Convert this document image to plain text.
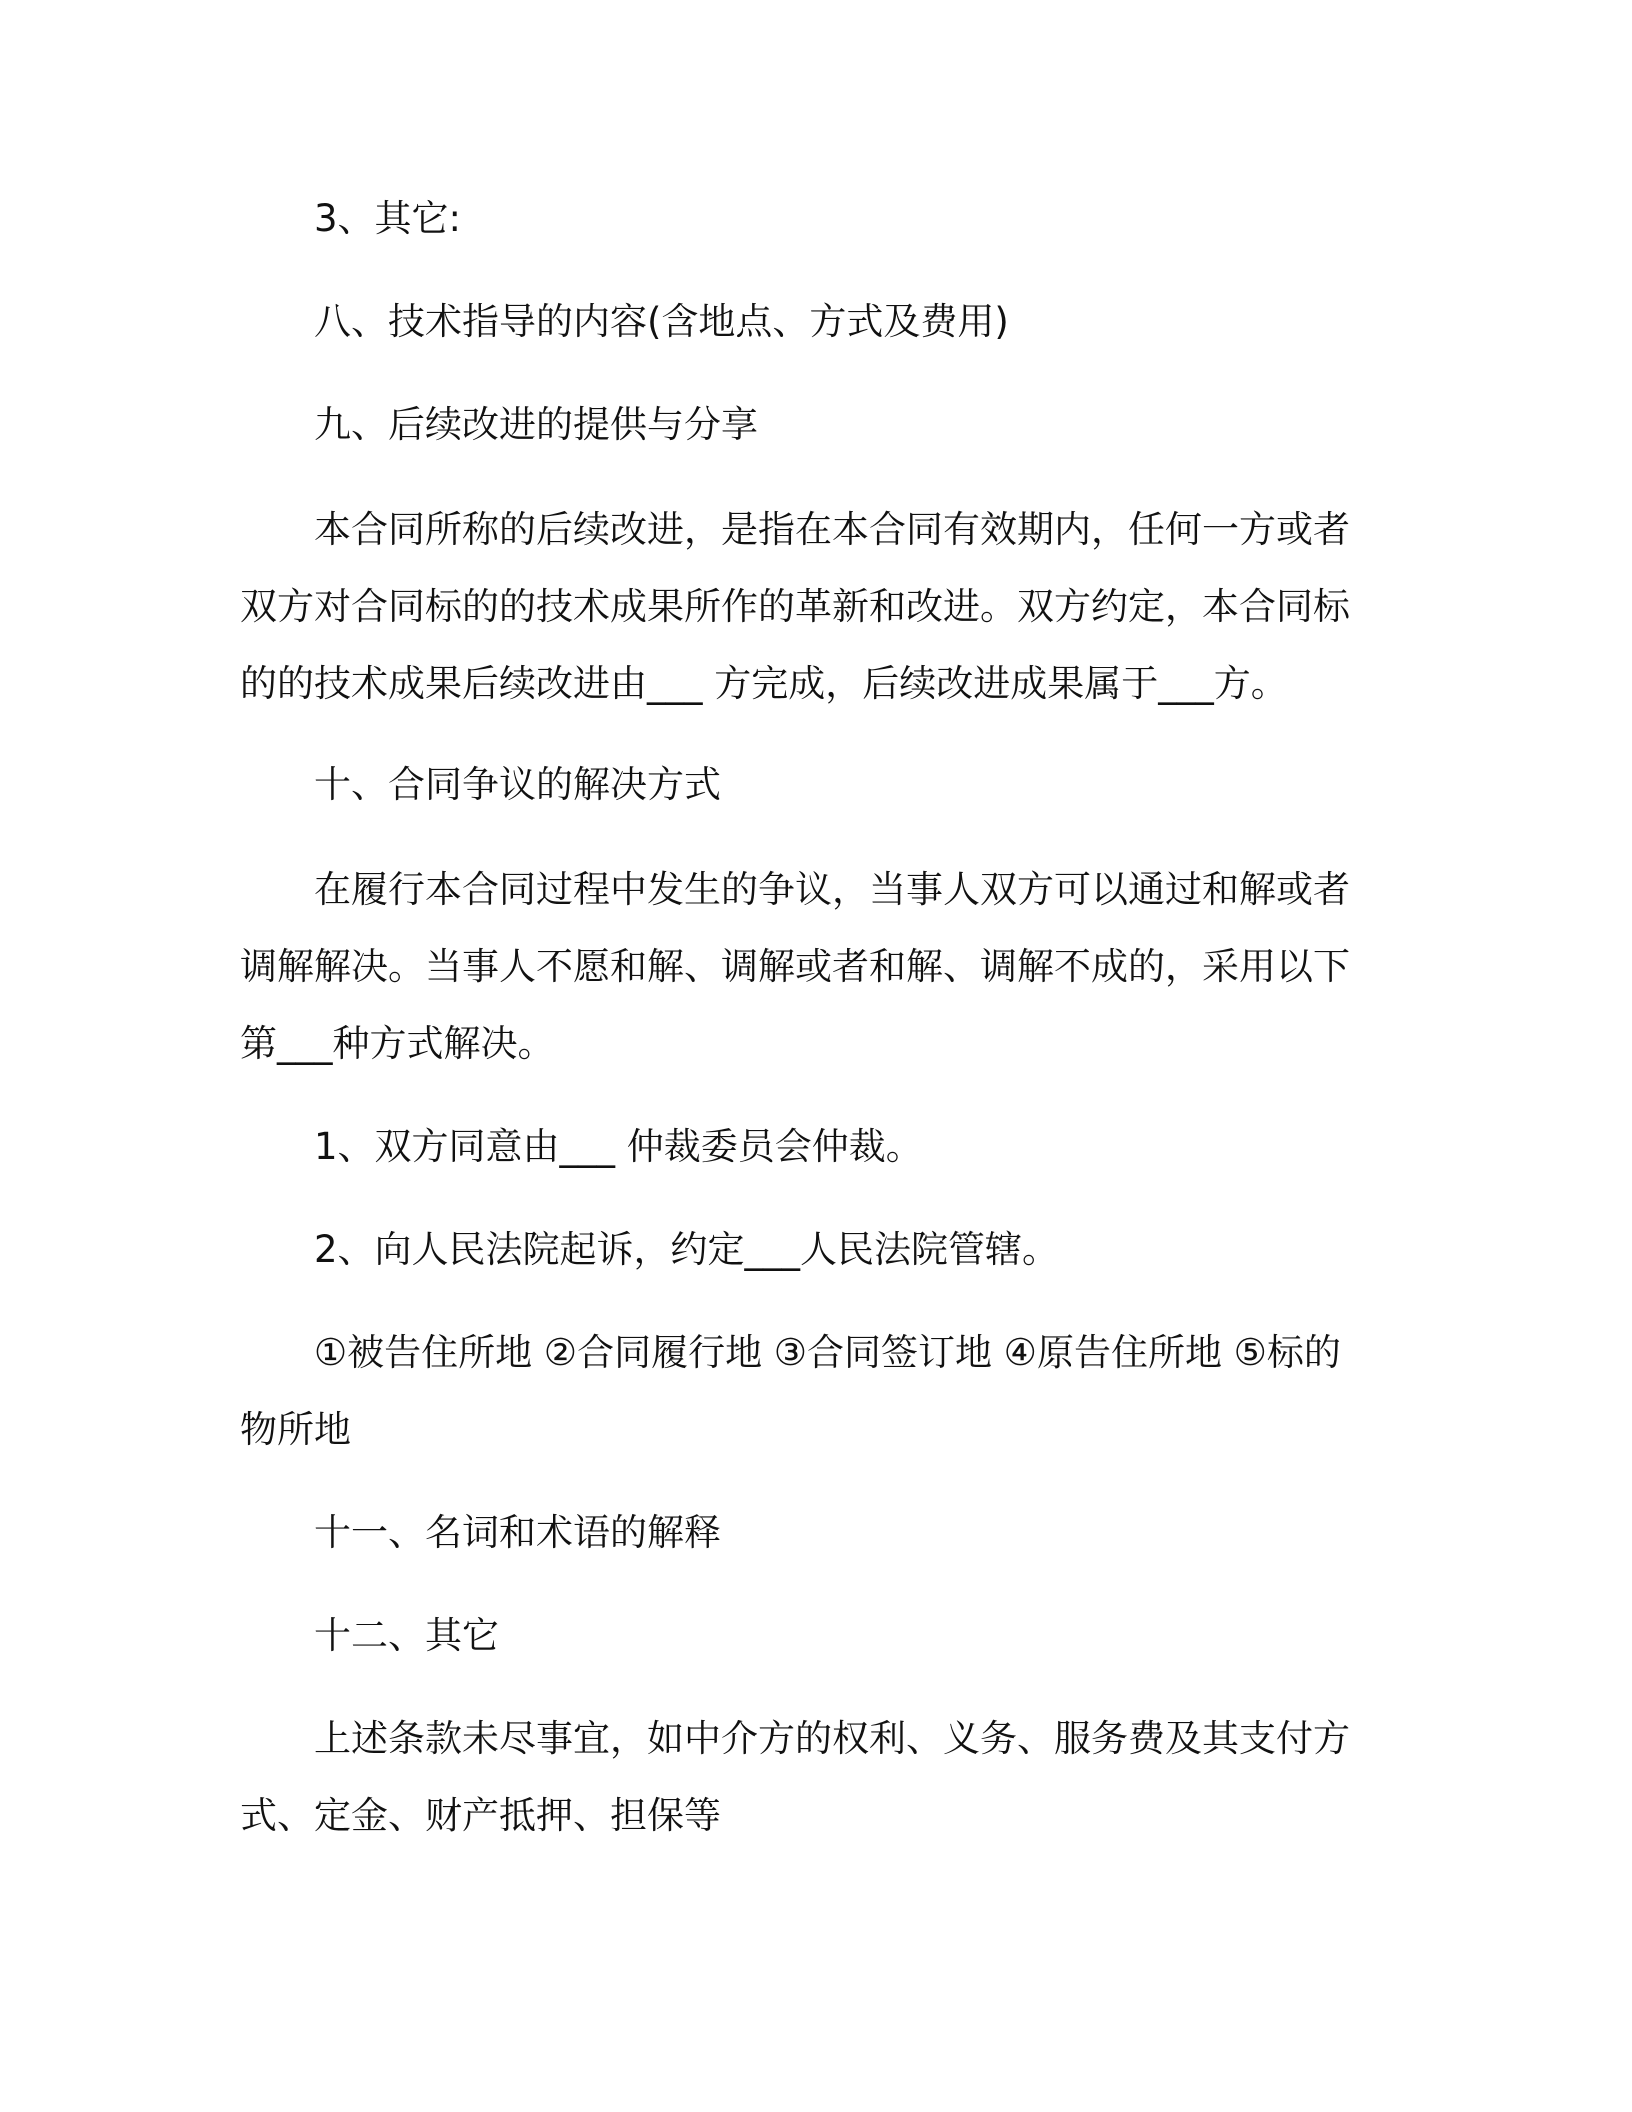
3、其它:

八、技术指导的内容(含地点、方式及费用)

九、后续改进的提供与分享

本合同所称的后续改进，是指在本合同有效期内，任何一方或者双方对合同标的的技术成果所作的革新和改进。双方约定，本合同标的的技术成果后续改进由___ 方完成，后续改进成果属于___方。

十、合同争议的解决方式

在履行本合同过程中发生的争议，当事人双方可以通过和解或者调解解决。当事人不愿和解、调解或者和解、调解不成的，采用以下第___种方式解决。

1、双方同意由___ 仲裁委员会仲裁。

2、向人民法院起诉，约定___人民法院管辖。

①被告住所地 ②合同履行地 ③合同签订地 ④原告住所地 ⑤标的物所地

十一、名词和术语的解释

十二、其它

上述条款未尽事宜，如中介方的权利、义务、服务费及其支付方式、定金、财产抵押、担保等
